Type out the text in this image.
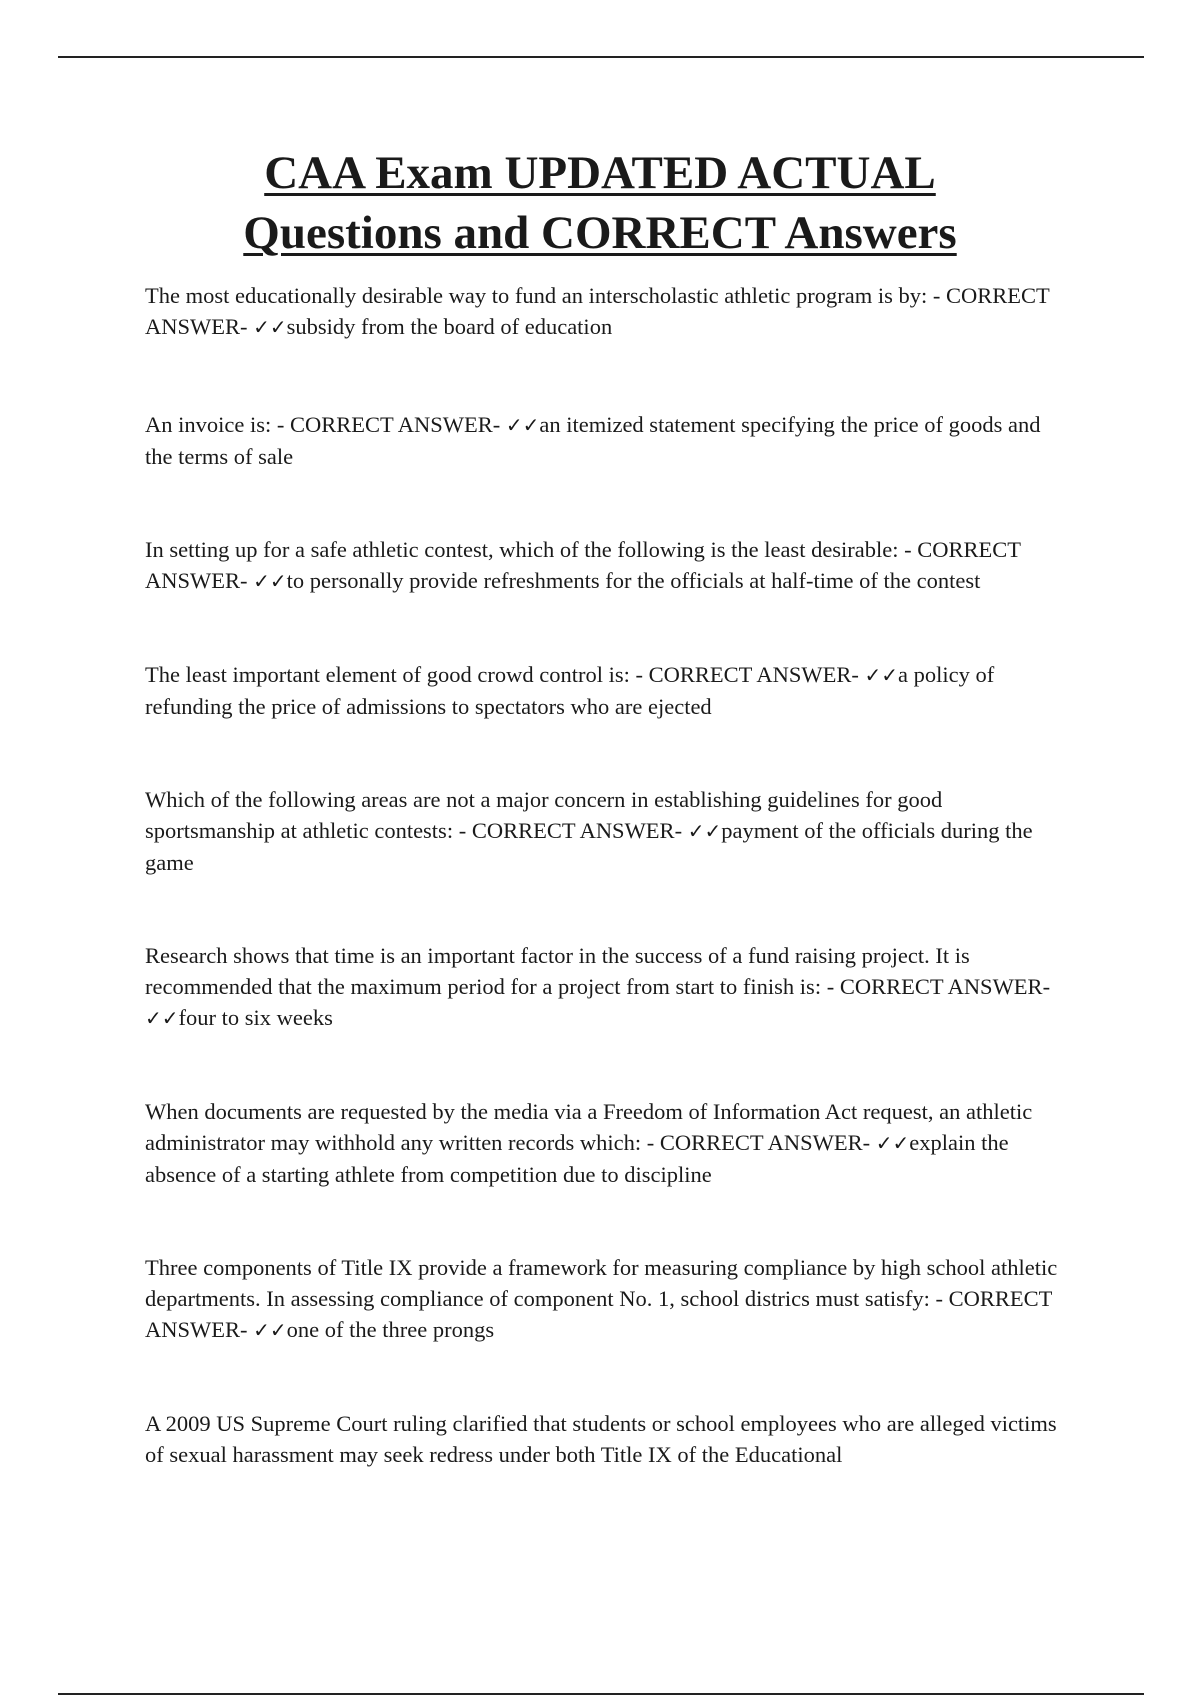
CAA Exam UPDATED ACTUAL
Questions and CORRECT Answers
The most educationally desirable way to fund an interscholastic athletic program is by: - CORRECT ANSWER- ✓✓subsidy from the board of education
An invoice is: - CORRECT ANSWER- ✓✓an itemized statement specifying the price of goods and the terms of sale
In setting up for a safe athletic contest, which of the following is the least desirable: - CORRECT ANSWER- ✓✓to personally provide refreshments for the officials at half-time of the contest
The least important element of good crowd control is: - CORRECT ANSWER- ✓✓a policy of refunding the price of admissions to spectators who are ejected
Which of the following areas are not a major concern in establishing guidelines for good sportsmanship at athletic contests: - CORRECT ANSWER- ✓✓payment of the officials during the game
Research shows that time is an important factor in the success of a fund raising project. It is recommended that the maximum period for a project from start to finish is: - CORRECT ANSWER- ✓✓four to six weeks
When documents are requested by the media via a Freedom of Information Act request, an athletic administrator may withhold any written records which: - CORRECT ANSWER- ✓✓explain the absence of a starting athlete from competition due to discipline
Three components of Title IX provide a framework for measuring compliance by high school athletic departments. In assessing compliance of component No. 1, school districs must satisfy: - CORRECT ANSWER- ✓✓one of the three prongs
A 2009 US Supreme Court ruling clarified that students or school employees who are alleged victims of sexual harassment may seek redress under both Title IX of the Educational
